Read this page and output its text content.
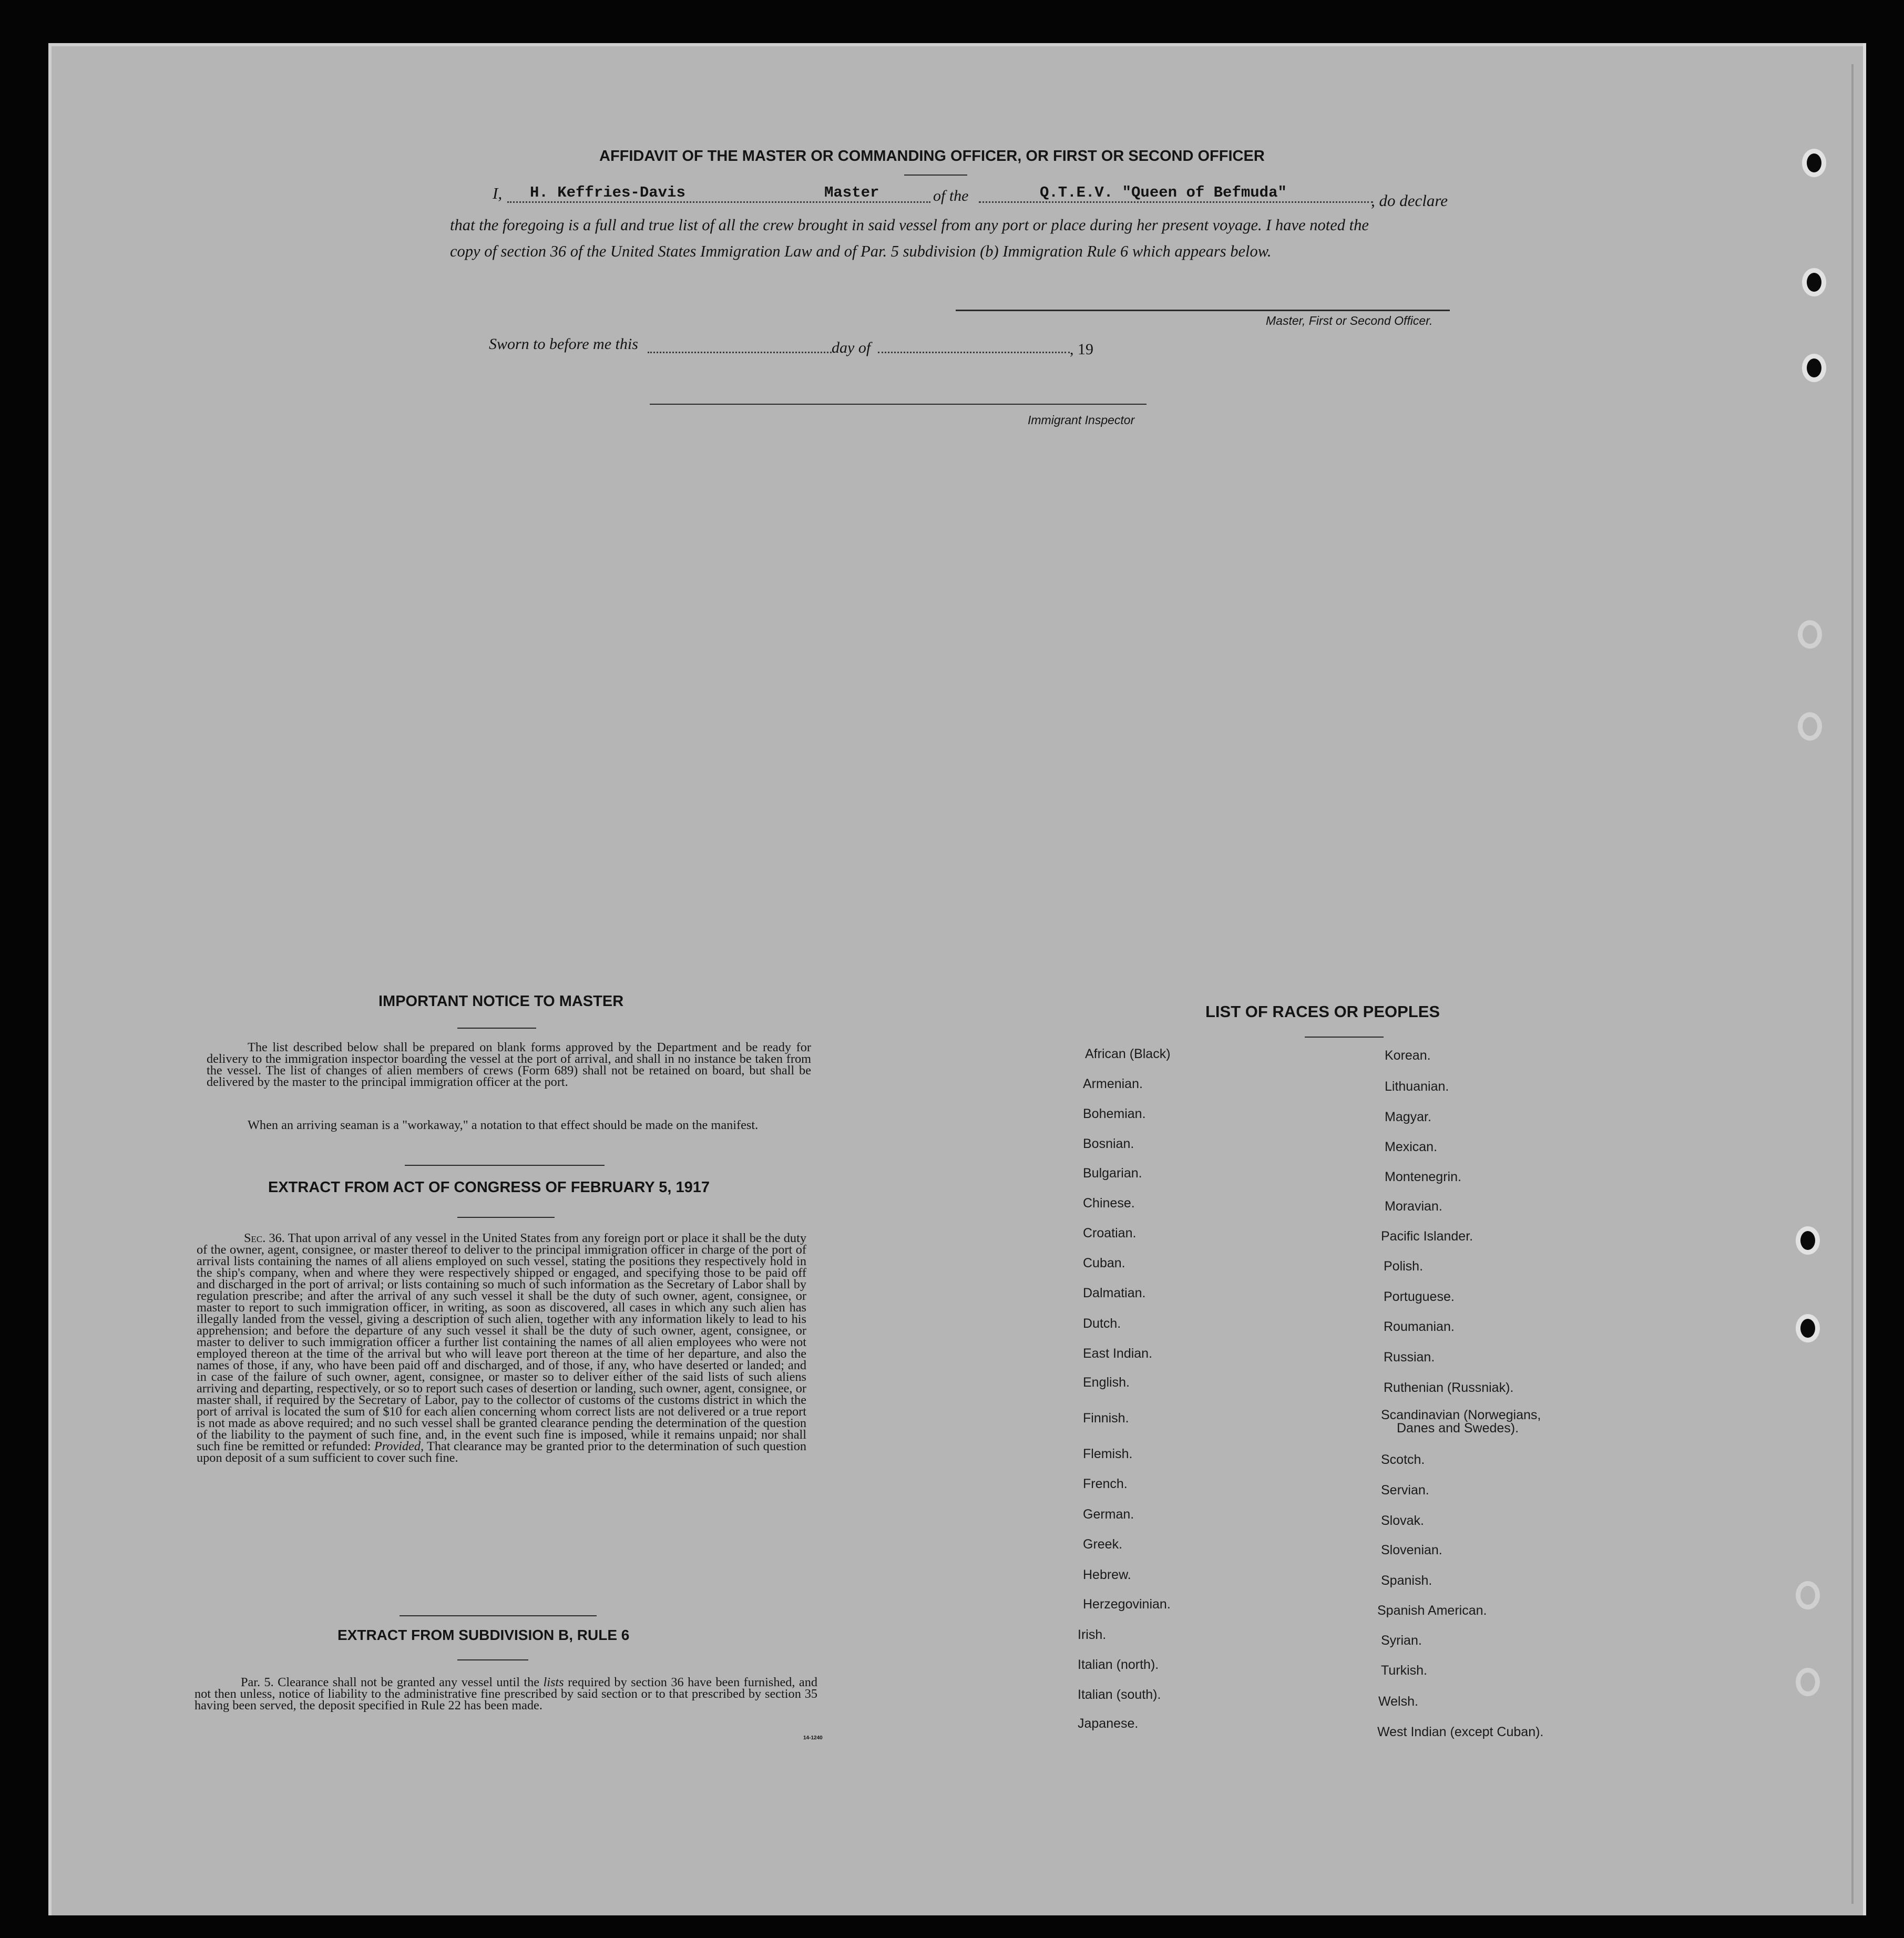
AFFIDAVIT OF THE MASTER OR COMMANDING OFFICER, OR FIRST OR SECOND OFFICER
I, H. Keffries-Davis	Master	of the	Q.T.E.V. "Queen of Befmuda"	, do declare
that the foregoing is a full and true list of all the crew brought in said vessel from any port or place during her present voyage. I have noted the
copy of section 36 of the United States Immigration Law and of Par. 5 subdivision (b) Immigration Rule 6 which appears below.
Master, First or Second Officer.
Sworn to before me this	day of	, 19
Immigrant Inspector
IMPORTANT NOTICE TO MASTER
The list described below shall be prepared on blank forms approved by the Department and be ready for delivery to the immigration inspector boarding the vessel at the port of arrival, and shall in no instance be taken from the vessel. The list of changes of alien members of crews (Form 689) shall not be retained on board, but shall be delivered by the master to the principal immigration officer at the port.
When an arriving seaman is a "workaway," a notation to that effect should be made on the manifest.
EXTRACT FROM ACT OF CONGRESS OF FEBRUARY 5, 1917
Sec. 36. That upon arrival of any vessel in the United States from any foreign port or place it shall be the duty of the owner, agent, consignee, or master thereof to deliver to the principal immigration officer in charge of the port of arrival lists containing the names of all aliens employed on such vessel, stating the positions they respectively hold in the ship's company, when and where they were respectively shipped or engaged, and specifying those to be paid off and discharged in the port of arrival; or lists containing so much of such information as the Secretary of Labor shall by regulation prescribe; and after the arrival of any such vessel it shall be the duty of such owner, agent, consignee, or master to report to such immigration officer, in writing, as soon as discovered, all cases in which any such alien has illegally landed from the vessel, giving a description of such alien, together with any information likely to lead to his apprehension; and before the departure of any such vessel it shall be the duty of such owner, agent, consignee, or master to deliver to such immigration officer a further list containing the names of all alien employees who were not employed thereon at the time of the arrival but who will leave port thereon at the time of her departure, and also the names of those, if any, who have been paid off and discharged, and of those, if any, who have deserted or landed; and in case of the failure of such owner, agent, consignee, or master so to deliver either of the said lists of such aliens arriving and departing, respectively, or so to report such cases of desertion or landing, such owner, agent, consignee, or master shall, if required by the Secretary of Labor, pay to the collector of customs of the customs district in which the port of arrival is located the sum of $10 for each alien concerning whom correct lists are not delivered or a true report is not made as above required; and no such vessel shall be granted clearance pending the determination of the question of the liability to the payment of such fine, and, in the event such fine is imposed, while it remains unpaid; nor shall such fine be remitted or refunded: Provided, That clearance may be granted prior to the determination of such question upon deposit of a sum sufficient to cover such fine.
EXTRACT FROM SUBDIVISION B, RULE 6
Par. 5. Clearance shall not be granted any vessel until the lists required by section 36 have been furnished, and not then unless, notice of liability to the administrative fine prescribed by said section or to that prescribed by section 35 having been served, the deposit specified in Rule 22 has been made.
14-1240
LIST OF RACES OR PEOPLES
African (Black)
Armenian.
Bohemian.
Bosnian.
Bulgarian.
Chinese.
Croatian.
Cuban.
Dalmatian.
Dutch.
East Indian.
English.
Finnish.
Flemish.
French.
German.
Greek.
Hebrew.
Herzegovinian.
Irish.
Italian (north).
Italian (south).
Japanese.
Korean.
Lithuanian.
Magyar.
Mexican.
Montenegrin.
Moravian.
Pacific Islander.
Polish.
Portuguese.
Roumanian.
Russian.
Ruthenian (Russniak).
Scandinavian (Norwegians,
Danes and Swedes).
Scotch.
Servian.
Slovak.
Slovenian.
Spanish.
Spanish American.
Syrian.
Turkish.
Welsh.
West Indian (except Cuban).
